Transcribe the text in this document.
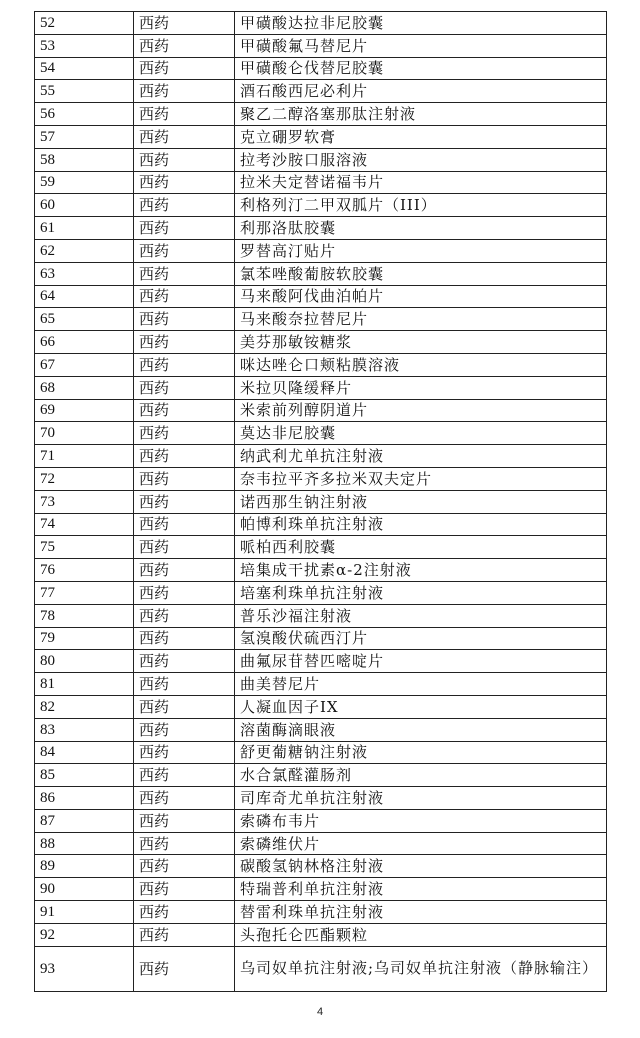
52	西药	甲磺酸达拉非尼胶囊
53	西药	甲磺酸氟马替尼片
54	西药	甲磺酸仑伐替尼胶囊
55	西药	酒石酸西尼必利片
56	西药	聚乙二醇洛塞那肽注射液
57	西药	克立硼罗软膏
58	西药	拉考沙胺口服溶液
59	西药	拉米夫定替诺福韦片
60	西药	利格列汀二甲双胍片（III）
61	西药	利那洛肽胶囊
62	西药	罗替高汀贴片
63	西药	氯苯唑酸葡胺软胶囊
64	西药	马来酸阿伐曲泊帕片
65	西药	马来酸奈拉替尼片
66	西药	美芬那敏铵糖浆
67	西药	咪达唑仑口颊粘膜溶液
68	西药	米拉贝隆缓释片
69	西药	米索前列醇阴道片
70	西药	莫达非尼胶囊
71	西药	纳武利尤单抗注射液
72	西药	奈韦拉平齐多拉米双夫定片
73	西药	诺西那生钠注射液
74	西药	帕博利珠单抗注射液
75	西药	哌柏西利胶囊
76	西药	培集成干扰素α-2注射液
77	西药	培塞利珠单抗注射液
78	西药	普乐沙福注射液
79	西药	氢溴酸伏硫西汀片
80	西药	曲氟尿苷替匹嘧啶片
81	西药	曲美替尼片
82	西药	人凝血因子IX
83	西药	溶菌酶滴眼液
84	西药	舒更葡糖钠注射液
85	西药	水合氯醛灌肠剂
86	西药	司库奇尤单抗注射液
87	西药	索磷布韦片
88	西药	索磷维伏片
89	西药	碳酸氢钠林格注射液
90	西药	特瑞普利单抗注射液
91	西药	替雷利珠单抗注射液
92	西药	头孢托仑匹酯颗粒
93	西药	乌司奴单抗注射液;乌司奴单抗注射液（静脉输注）
4
